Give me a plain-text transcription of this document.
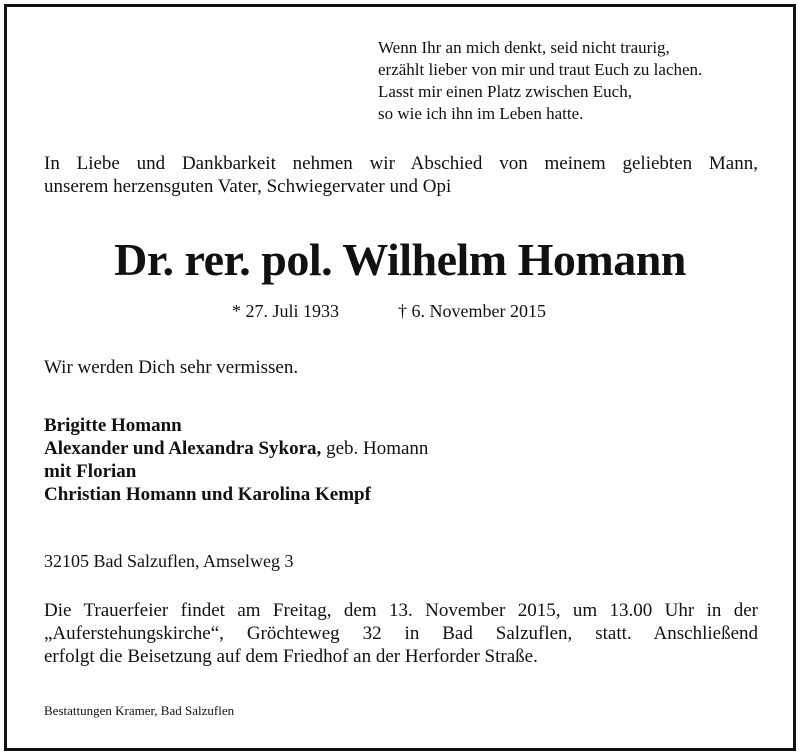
Wenn Ihr an mich denkt, seid nicht traurig,
erzählt lieber von mir und traut Euch zu lachen.
Lasst mir einen Platz zwischen Euch,
so wie ich ihn im Leben hatte.
In Liebe und Dankbarkeit nehmen wir Abschied von meinem geliebten Mann,
unserem herzensguten Vater, Schwiegervater und Opi
Dr. rer. pol. Wilhelm Homann
* 27. Juli 1933	† 6. November 2015
Wir werden Dich sehr vermissen.
Brigitte Homann
Alexander und Alexandra Sykora, geb. Homann
mit Florian
Christian Homann und Karolina Kempf
32105 Bad Salzuflen, Amselweg 3
Die Trauerfeier findet am Freitag, dem 13. November 2015, um 13.00 Uhr in der
„Auferstehungskirche“, Gröchteweg 32 in Bad Salzuflen, statt. Anschließend
erfolgt die Beisetzung auf dem Friedhof an der Herforder Straße.
Bestattungen Kramer, Bad Salzuflen
